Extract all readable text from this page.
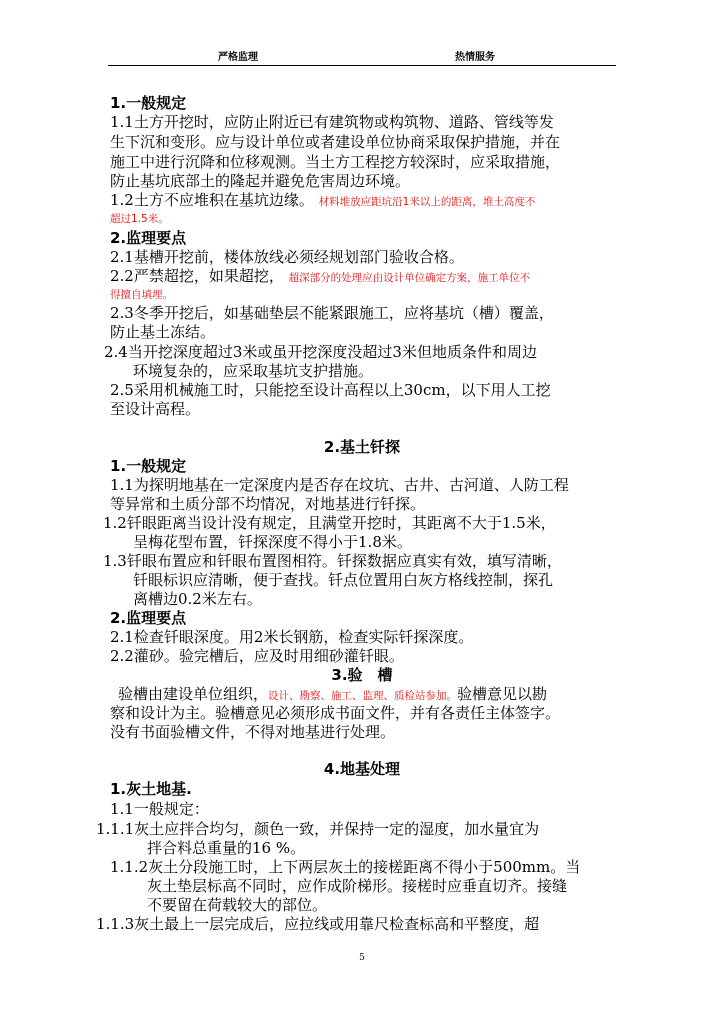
严格监理	热情服务
1.一般规定
1.1土方开挖时，应防止附近已有建筑物或构筑物、道路、管线等发
生下沉和变形。应与设计单位或者建设单位协商采取保护措施，并在
施工中进行沉降和位移观测。当土方工程挖方较深时，应采取措施，
防止基坑底部土的隆起并避免危害周边环境。
1.2土方不应堆积在基坑边缘。 材料堆放应距坑沿1米以上的距离，堆土高度不
超过1.5米。
2.监理要点
2.1基槽开挖前，楼体放线必须经规划部门验收合格。
2.2严禁超挖，如果超挖， 超深部分的处理应由设计单位确定方案，施工单位不
得擅自填埋。
2.3冬季开挖后，如基础垫层不能紧跟施工，应将基坑（槽）覆盖，
防止基土冻结。
2.4当开挖深度超过3米或虽开挖深度没超过3米但地质条件和周边
环境复杂的，应采取基坑支护措施。
2.5采用机械施工时，只能挖至设计高程以上30cm，以下用人工挖
至设计高程。
2.基土钎探
1.一般规定
1.1为探明地基在一定深度内是否存在坟坑、古井、古河道、人防工程
等异常和土质分部不均情况，对地基进行钎探。
1.2钎眼距离当设计没有规定，且满堂开挖时，其距离不大于1.5米，
呈梅花型布置，钎探深度不得小于1.8米。
1.3钎眼布置应和钎眼布置图相符。钎探数据应真实有效，填写清晰，
钎眼标识应清晰，便于查找。钎点位置用白灰方格线控制，探孔
离槽边0.2米左右。
2.监理要点
2.1检查钎眼深度。用2米长钢筋，检查实际钎探深度。
2.2灌砂。验完槽后，应及时用细砂灌钎眼。
3.验　槽
验槽由建设单位组织，设计、勘察、施工、监理、质检站参加。验槽意见以勘
察和设计为主。验槽意见必须形成书面文件，并有各责任主体签字。
没有书面验槽文件，不得对地基进行处理。
4.地基处理
1.灰土地基.
1.1一般规定：
1.1.1灰土应拌合均匀，颜色一致，并保持一定的湿度，加水量宜为
拌合料总重量的16 %。
1.1.2灰土分段施工时，上下两层灰土的接槎距离不得小于500mm。当
灰土垫层标高不同时，应作成阶梯形。接槎时应垂直切齐。接缝
不要留在荷载较大的部位。
1.1.3灰土最上一层完成后，应拉线或用靠尺检查标高和平整度，超
5
